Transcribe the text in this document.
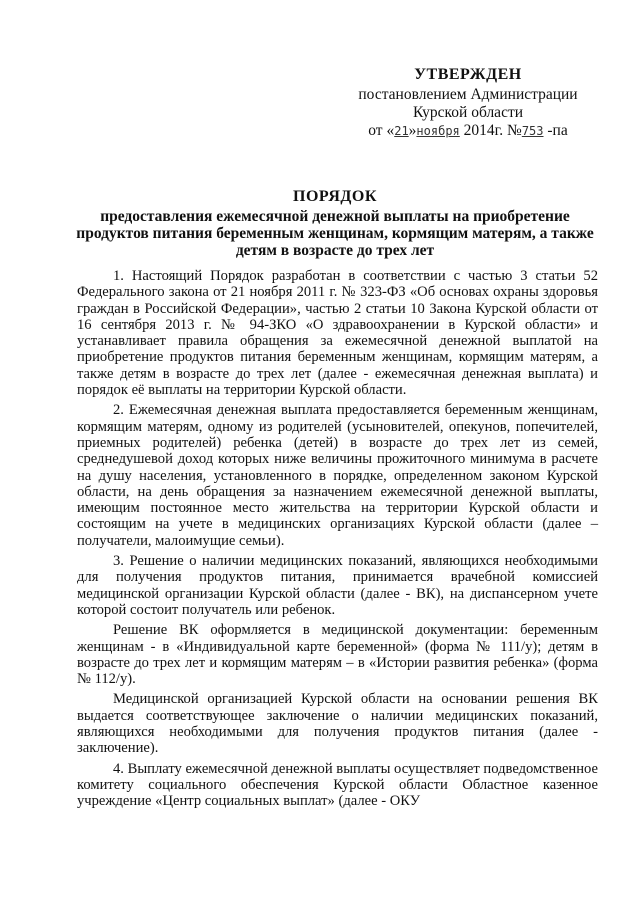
УТВЕРЖДЕН
постановлением Администрации
Курской области
от «21»ноября 2014г. №753 -па
ПОРЯДОК
предоставления ежемесячной денежной выплаты на приобретение продуктов питания беременным женщинам, кормящим матерям, а также детям в возрасте до трех лет

1. Настоящий Порядок разработан в соответствии с частью 3 статьи 52 Федерального закона от 21 ноября 2011 г. № 323-ФЗ «Об основах охраны здоровья граждан в Российской Федерации», частью 2 статьи 10 Закона Курской области от 16 сентября 2013 г. № 94-ЗКО «О здравоохранении в Курской области» и устанавливает правила обращения за ежемесячной денежной выплатой на приобретение продуктов питания беременным женщинам, кормящим матерям, а также детям в возрасте до трех лет (далее - ежемесячная денежная выплата) и порядок её выплаты на территории Курской области.

2. Ежемесячная денежная выплата предоставляется беременным женщинам, кормящим матерям, одному из родителей (усыновителей, опекунов, попечителей, приемных родителей) ребенка (детей) в возрасте до трех лет из семей, среднедушевой доход которых ниже величины прожиточного минимума в расчете на душу населения, установленного в порядке, определенном законом Курской области, на день обращения за назначением ежемесячной денежной выплаты, имеющим постоянное место жительства на территории Курской области и состоящим на учете в медицинских организациях Курской области (далее – получатели, малоимущие семьи).

3. Решение о наличии медицинских показаний, являющихся необходимыми для получения продуктов питания, принимается врачебной комиссией медицинской организации Курской области (далее - ВК), на диспансерном учете которой состоит получатель или ребенок.

Решение ВК оформляется в медицинской документации: беременным женщинам - в «Индивидуальной карте беременной» (форма № 111/у); детям в возрасте до трех лет и кормящим матерям – в «Истории развития ребенка» (форма № 112/у).

Медицинской организацией Курской области на основании решения ВК выдается соответствующее заключение о наличии медицинских показаний, являющихся необходимыми для получения продуктов питания (далее - заключение).

4. Выплату ежемесячной денежной выплаты осуществляет подведомственное комитету социального обеспечения Курской области Областное казенное учреждение «Центр социальных выплат» (далее - ОКУ
